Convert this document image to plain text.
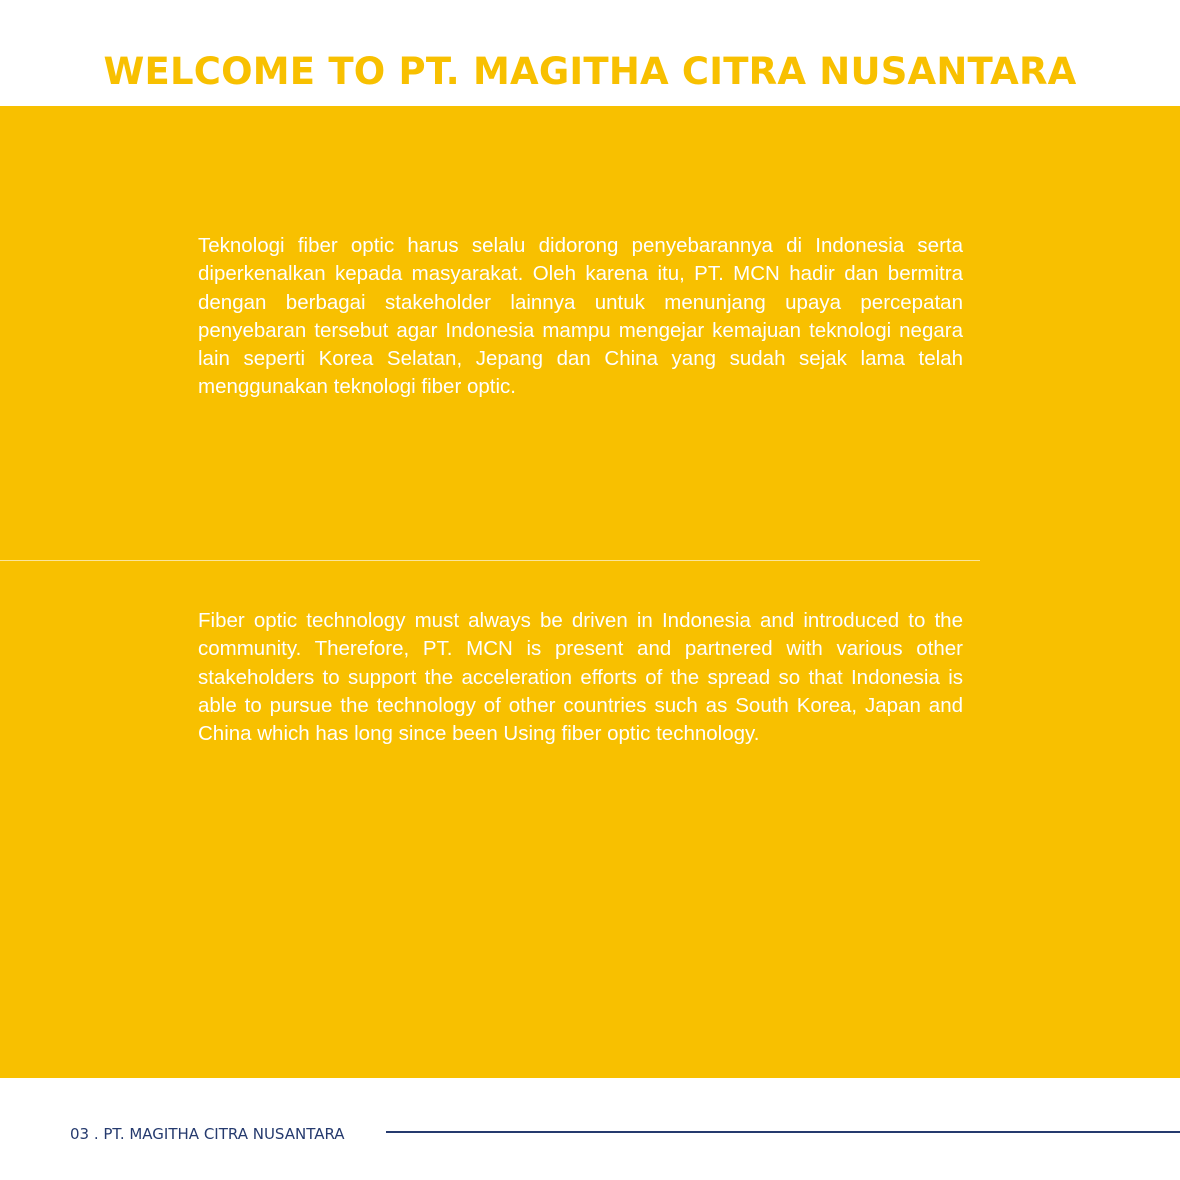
WELCOME TO PT. MAGITHA CITRA NUSANTARA
Teknologi fiber optic harus selalu didorong penyebarannya di Indonesia serta diperkenalkan kepada masyarakat. Oleh karena itu, PT. MCN hadir dan bermitra dengan berbagai stakeholder lainnya untuk menunjang upaya percepatan penyebaran tersebut agar Indonesia mampu mengejar kemajuan teknologi negara lain seperti Korea Selatan, Jepang dan China yang sudah sejak lama telah menggunakan teknologi fiber optic.
Fiber optic technology must always be driven in Indonesia and introduced to the community. Therefore, PT. MCN is present and partnered with various other stakeholders to support the acceleration efforts of the spread so that Indonesia is able to pursue the technology of other countries such as South Korea, Japan and China which has long since been Using fiber optic technology.
03 . PT. MAGITHA CITRA NUSANTARA
